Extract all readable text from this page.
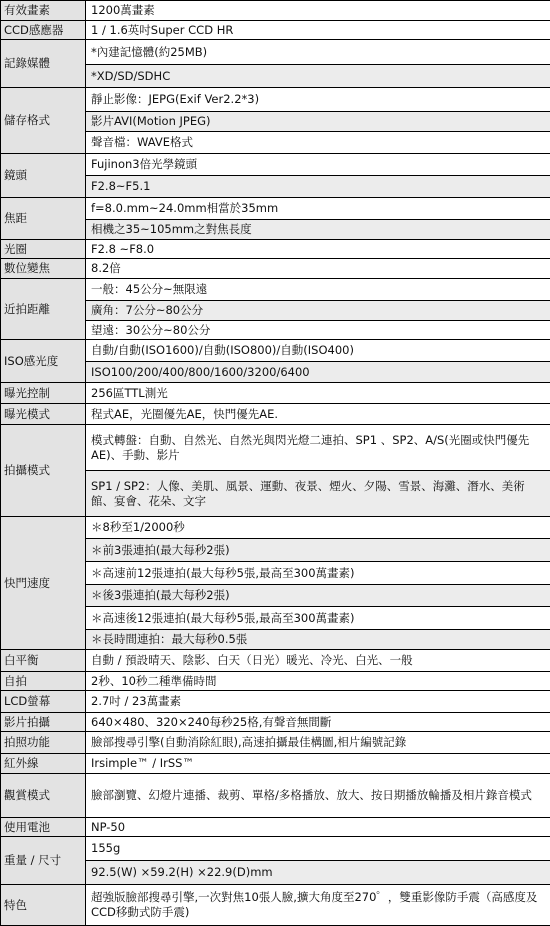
有效畫素	1200萬畫素
CCD感應器	1 / 1.6英吋Super CCD HR
記錄媒體	*內建記憶體(約25MB)
	*XD/SD/SDHC
儲存格式	靜止影像：JEPG(Exif Ver2.2*3)
	影片AVI(Motion JPEG)
	聲音檔：WAVE格式
鏡頭	Fujinon3倍光學鏡頭
	F2.8~F5.1
焦距	f=8.0.mm~24.0mm相當於35mm
	相機之35~105mm之對焦長度
光圈	F2.8 ~F8.0
數位變焦	8.2倍
近拍距離	一般：45公分~無限遠
	廣角：7公分~80公分
	望遠：30公分~80公分
ISO感光度	自動/自動(ISO1600)/自動(ISO800)/自動(ISO400)
	ISO100/200/400/800/1600/3200/6400
曝光控制	256區TTL測光
曝光模式	程式AE，光圈優先AE，快門優先AE.
拍攝模式	模式轉盤：自動、自然光、自然光與閃光燈二連拍、SP1 、SP2、A/S(光圈或快門優先AE)、手動、影片
	SP1 / SP2：人像、美肌、風景、運動、夜景、煙火、夕陽、雪景、海灘、潛水、美術館、宴會、花朵、文字
快門速度	＊8秒至1/2000秒
	＊前3張連拍(最大每秒2張)
	＊高速前12張連拍(最大每秒5張,最高至300萬畫素)
	＊後3張連拍(最大每秒2張)
	＊高速後12張連拍(最大每秒5張,最高至300萬畫素)
	＊長時間連拍：最大每秒0.5張
白平衡	自動 / 預設晴天、陰影、白天（日光）暖光、冷光、白光、一般
自拍	2秒、10秒二種準備時間
LCD螢幕	2.7吋 / 23萬畫素
影片拍攝	640×480、320×240每秒25格,有聲音無間斷
拍照功能	臉部搜尋引擎(自動消除紅眼),高速拍攝最佳構圖,相片編號記錄
紅外線	Irsimple™ / IrSS™
觀賞模式	臉部瀏覽、幻燈片連播、裁剪、單格/多格播放、放大、按日期播放輪播及相片錄音模式
使用電池	NP-50
重量 / 尺寸	155g
	92.5(W) ×59.2(H) ×22.9(D)mm
特色	超強版臉部搜尋引擎,一次對焦10張人臉,擴大角度至270゜，雙重影像防手震（高感度及CCD移動式防手震)
